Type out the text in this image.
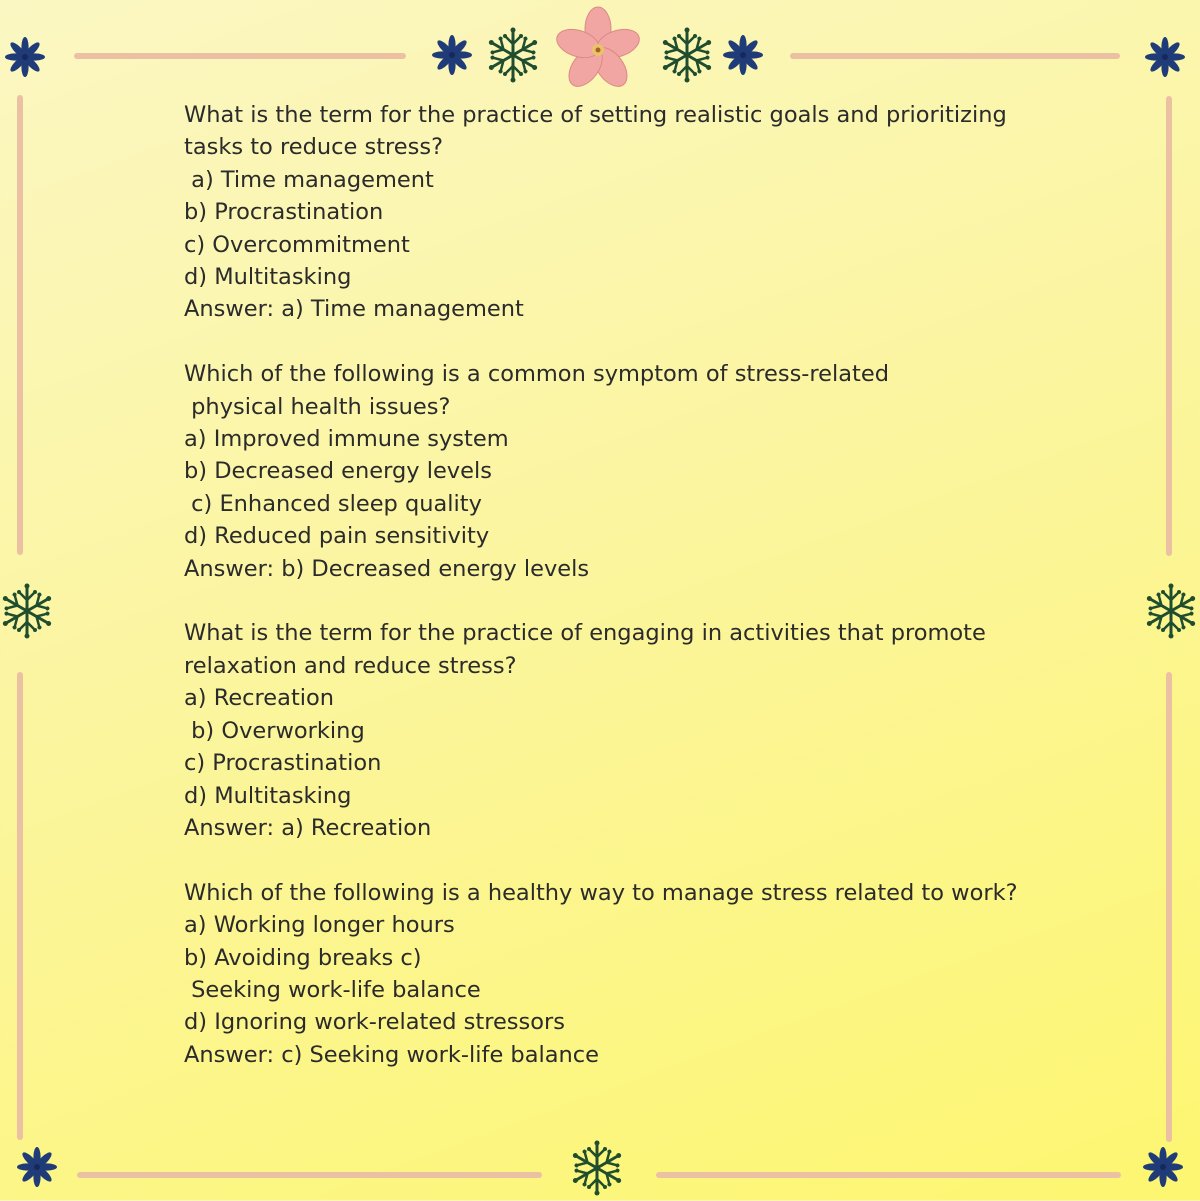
What is the term for the practice of setting realistic goals and prioritizing
tasks to reduce stress?
a) Time management
b) Procrastination
c) Overcommitment
d) Multitasking
Answer: a) Time management
Which of the following is a common symptom of stress-related
physical health issues?
a) Improved immune system
b) Decreased energy levels
c) Enhanced sleep quality
d) Reduced pain sensitivity
Answer: b) Decreased energy levels
What is the term for the practice of engaging in activities that promote
relaxation and reduce stress?
a) Recreation
b) Overworking
c) Procrastination
d) Multitasking
Answer: a) Recreation
Which of the following is a healthy way to manage stress related to work?
a) Working longer hours
b) Avoiding breaks c)
Seeking work-life balance
d) Ignoring work-related stressors
Answer: c) Seeking work-life balance
